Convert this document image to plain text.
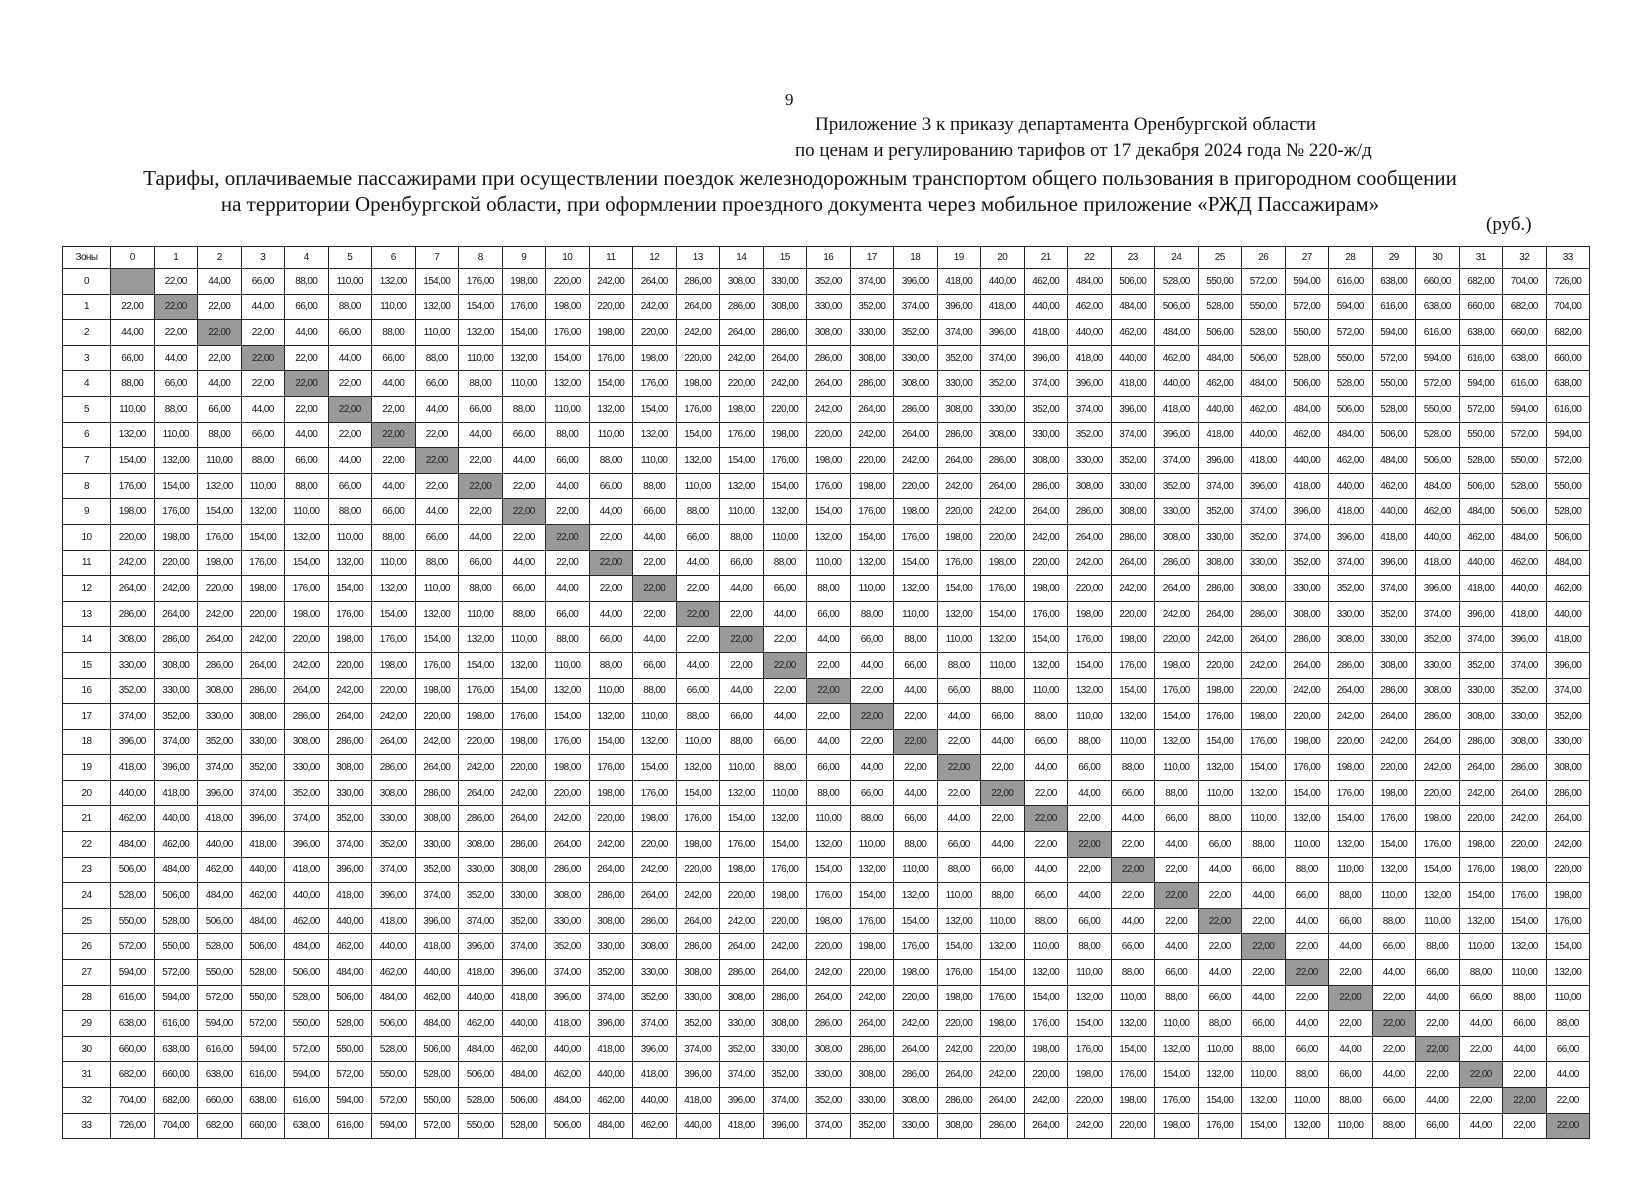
9
Приложение 3 к приказу департамента Оренбургской области
по ценам и регулированию тарифов от 17 декабря 2024 года № 220-ж/д
Тарифы, оплачиваемые пассажирами при осуществлении поездок железнодорожным транспортом общего пользования в пригородном сообщении
на территории Оренбургской области, при оформлении проездного документа через мобильное приложение «РЖД Пассажирам»
(руб.)
Зоны	0	1	2	3	4	5	6	7	8	9	10	11	12	13	14	15	16	17	18	19	20	21	22	23	24	25	26	27	28	29	30	31	32	33
0		22,00	44,00	66,00	88,00	110,00	132,00	154,00	176,00	198,00	220,00	242,00	264,00	286,00	308,00	330,00	352,00	374,00	396,00	418,00	440,00	462,00	484,00	506,00	528,00	550,00	572,00	594,00	616,00	638,00	660,00	682,00	704,00	726,00
1	22,00	22,00	22,00	44,00	66,00	88,00	110,00	132,00	154,00	176,00	198,00	220,00	242,00	264,00	286,00	308,00	330,00	352,00	374,00	396,00	418,00	440,00	462,00	484,00	506,00	528,00	550,00	572,00	594,00	616,00	638,00	660,00	682,00	704,00
2	44,00	22,00	22,00	22,00	44,00	66,00	88,00	110,00	132,00	154,00	176,00	198,00	220,00	242,00	264,00	286,00	308,00	330,00	352,00	374,00	396,00	418,00	440,00	462,00	484,00	506,00	528,00	550,00	572,00	594,00	616,00	638,00	660,00	682,00
3	66,00	44,00	22,00	22,00	22,00	44,00	66,00	88,00	110,00	132,00	154,00	176,00	198,00	220,00	242,00	264,00	286,00	308,00	330,00	352,00	374,00	396,00	418,00	440,00	462,00	484,00	506,00	528,00	550,00	572,00	594,00	616,00	638,00	660,00
4	88,00	66,00	44,00	22,00	22,00	22,00	44,00	66,00	88,00	110,00	132,00	154,00	176,00	198,00	220,00	242,00	264,00	286,00	308,00	330,00	352,00	374,00	396,00	418,00	440,00	462,00	484,00	506,00	528,00	550,00	572,00	594,00	616,00	638,00
5	110,00	88,00	66,00	44,00	22,00	22,00	22,00	44,00	66,00	88,00	110,00	132,00	154,00	176,00	198,00	220,00	242,00	264,00	286,00	308,00	330,00	352,00	374,00	396,00	418,00	440,00	462,00	484,00	506,00	528,00	550,00	572,00	594,00	616,00
6	132,00	110,00	88,00	66,00	44,00	22,00	22,00	22,00	44,00	66,00	88,00	110,00	132,00	154,00	176,00	198,00	220,00	242,00	264,00	286,00	308,00	330,00	352,00	374,00	396,00	418,00	440,00	462,00	484,00	506,00	528,00	550,00	572,00	594,00
7	154,00	132,00	110,00	88,00	66,00	44,00	22,00	22,00	22,00	44,00	66,00	88,00	110,00	132,00	154,00	176,00	198,00	220,00	242,00	264,00	286,00	308,00	330,00	352,00	374,00	396,00	418,00	440,00	462,00	484,00	506,00	528,00	550,00	572,00
8	176,00	154,00	132,00	110,00	88,00	66,00	44,00	22,00	22,00	22,00	44,00	66,00	88,00	110,00	132,00	154,00	176,00	198,00	220,00	242,00	264,00	286,00	308,00	330,00	352,00	374,00	396,00	418,00	440,00	462,00	484,00	506,00	528,00	550,00
9	198,00	176,00	154,00	132,00	110,00	88,00	66,00	44,00	22,00	22,00	22,00	44,00	66,00	88,00	110,00	132,00	154,00	176,00	198,00	220,00	242,00	264,00	286,00	308,00	330,00	352,00	374,00	396,00	418,00	440,00	462,00	484,00	506,00	528,00
10	220,00	198,00	176,00	154,00	132,00	110,00	88,00	66,00	44,00	22,00	22,00	22,00	44,00	66,00	88,00	110,00	132,00	154,00	176,00	198,00	220,00	242,00	264,00	286,00	308,00	330,00	352,00	374,00	396,00	418,00	440,00	462,00	484,00	506,00
11	242,00	220,00	198,00	176,00	154,00	132,00	110,00	88,00	66,00	44,00	22,00	22,00	22,00	44,00	66,00	88,00	110,00	132,00	154,00	176,00	198,00	220,00	242,00	264,00	286,00	308,00	330,00	352,00	374,00	396,00	418,00	440,00	462,00	484,00
12	264,00	242,00	220,00	198,00	176,00	154,00	132,00	110,00	88,00	66,00	44,00	22,00	22,00	22,00	44,00	66,00	88,00	110,00	132,00	154,00	176,00	198,00	220,00	242,00	264,00	286,00	308,00	330,00	352,00	374,00	396,00	418,00	440,00	462,00
13	286,00	264,00	242,00	220,00	198,00	176,00	154,00	132,00	110,00	88,00	66,00	44,00	22,00	22,00	22,00	44,00	66,00	88,00	110,00	132,00	154,00	176,00	198,00	220,00	242,00	264,00	286,00	308,00	330,00	352,00	374,00	396,00	418,00	440,00
14	308,00	286,00	264,00	242,00	220,00	198,00	176,00	154,00	132,00	110,00	88,00	66,00	44,00	22,00	22,00	22,00	44,00	66,00	88,00	110,00	132,00	154,00	176,00	198,00	220,00	242,00	264,00	286,00	308,00	330,00	352,00	374,00	396,00	418,00
15	330,00	308,00	286,00	264,00	242,00	220,00	198,00	176,00	154,00	132,00	110,00	88,00	66,00	44,00	22,00	22,00	22,00	44,00	66,00	88,00	110,00	132,00	154,00	176,00	198,00	220,00	242,00	264,00	286,00	308,00	330,00	352,00	374,00	396,00
16	352,00	330,00	308,00	286,00	264,00	242,00	220,00	198,00	176,00	154,00	132,00	110,00	88,00	66,00	44,00	22,00	22,00	22,00	44,00	66,00	88,00	110,00	132,00	154,00	176,00	198,00	220,00	242,00	264,00	286,00	308,00	330,00	352,00	374,00
17	374,00	352,00	330,00	308,00	286,00	264,00	242,00	220,00	198,00	176,00	154,00	132,00	110,00	88,00	66,00	44,00	22,00	22,00	22,00	44,00	66,00	88,00	110,00	132,00	154,00	176,00	198,00	220,00	242,00	264,00	286,00	308,00	330,00	352,00
18	396,00	374,00	352,00	330,00	308,00	286,00	264,00	242,00	220,00	198,00	176,00	154,00	132,00	110,00	88,00	66,00	44,00	22,00	22,00	22,00	44,00	66,00	88,00	110,00	132,00	154,00	176,00	198,00	220,00	242,00	264,00	286,00	308,00	330,00
19	418,00	396,00	374,00	352,00	330,00	308,00	286,00	264,00	242,00	220,00	198,00	176,00	154,00	132,00	110,00	88,00	66,00	44,00	22,00	22,00	22,00	44,00	66,00	88,00	110,00	132,00	154,00	176,00	198,00	220,00	242,00	264,00	286,00	308,00
20	440,00	418,00	396,00	374,00	352,00	330,00	308,00	286,00	264,00	242,00	220,00	198,00	176,00	154,00	132,00	110,00	88,00	66,00	44,00	22,00	22,00	22,00	44,00	66,00	88,00	110,00	132,00	154,00	176,00	198,00	220,00	242,00	264,00	286,00
21	462,00	440,00	418,00	396,00	374,00	352,00	330,00	308,00	286,00	264,00	242,00	220,00	198,00	176,00	154,00	132,00	110,00	88,00	66,00	44,00	22,00	22,00	22,00	44,00	66,00	88,00	110,00	132,00	154,00	176,00	198,00	220,00	242,00	264,00
22	484,00	462,00	440,00	418,00	396,00	374,00	352,00	330,00	308,00	286,00	264,00	242,00	220,00	198,00	176,00	154,00	132,00	110,00	88,00	66,00	44,00	22,00	22,00	22,00	44,00	66,00	88,00	110,00	132,00	154,00	176,00	198,00	220,00	242,00
23	506,00	484,00	462,00	440,00	418,00	396,00	374,00	352,00	330,00	308,00	286,00	264,00	242,00	220,00	198,00	176,00	154,00	132,00	110,00	88,00	66,00	44,00	22,00	22,00	22,00	44,00	66,00	88,00	110,00	132,00	154,00	176,00	198,00	220,00
24	528,00	506,00	484,00	462,00	440,00	418,00	396,00	374,00	352,00	330,00	308,00	286,00	264,00	242,00	220,00	198,00	176,00	154,00	132,00	110,00	88,00	66,00	44,00	22,00	22,00	22,00	44,00	66,00	88,00	110,00	132,00	154,00	176,00	198,00
25	550,00	528,00	506,00	484,00	462,00	440,00	418,00	396,00	374,00	352,00	330,00	308,00	286,00	264,00	242,00	220,00	198,00	176,00	154,00	132,00	110,00	88,00	66,00	44,00	22,00	22,00	22,00	44,00	66,00	88,00	110,00	132,00	154,00	176,00
26	572,00	550,00	528,00	506,00	484,00	462,00	440,00	418,00	396,00	374,00	352,00	330,00	308,00	286,00	264,00	242,00	220,00	198,00	176,00	154,00	132,00	110,00	88,00	66,00	44,00	22,00	22,00	22,00	44,00	66,00	88,00	110,00	132,00	154,00
27	594,00	572,00	550,00	528,00	506,00	484,00	462,00	440,00	418,00	396,00	374,00	352,00	330,00	308,00	286,00	264,00	242,00	220,00	198,00	176,00	154,00	132,00	110,00	88,00	66,00	44,00	22,00	22,00	22,00	44,00	66,00	88,00	110,00	132,00
28	616,00	594,00	572,00	550,00	528,00	506,00	484,00	462,00	440,00	418,00	396,00	374,00	352,00	330,00	308,00	286,00	264,00	242,00	220,00	198,00	176,00	154,00	132,00	110,00	88,00	66,00	44,00	22,00	22,00	22,00	44,00	66,00	88,00	110,00
29	638,00	616,00	594,00	572,00	550,00	528,00	506,00	484,00	462,00	440,00	418,00	396,00	374,00	352,00	330,00	308,00	286,00	264,00	242,00	220,00	198,00	176,00	154,00	132,00	110,00	88,00	66,00	44,00	22,00	22,00	22,00	44,00	66,00	88,00
30	660,00	638,00	616,00	594,00	572,00	550,00	528,00	506,00	484,00	462,00	440,00	418,00	396,00	374,00	352,00	330,00	308,00	286,00	264,00	242,00	220,00	198,00	176,00	154,00	132,00	110,00	88,00	66,00	44,00	22,00	22,00	22,00	44,00	66,00
31	682,00	660,00	638,00	616,00	594,00	572,00	550,00	528,00	506,00	484,00	462,00	440,00	418,00	396,00	374,00	352,00	330,00	308,00	286,00	264,00	242,00	220,00	198,00	176,00	154,00	132,00	110,00	88,00	66,00	44,00	22,00	22,00	22,00	44,00
32	704,00	682,00	660,00	638,00	616,00	594,00	572,00	550,00	528,00	506,00	484,00	462,00	440,00	418,00	396,00	374,00	352,00	330,00	308,00	286,00	264,00	242,00	220,00	198,00	176,00	154,00	132,00	110,00	88,00	66,00	44,00	22,00	22,00	22,00
33	726,00	704,00	682,00	660,00	638,00	616,00	594,00	572,00	550,00	528,00	506,00	484,00	462,00	440,00	418,00	396,00	374,00	352,00	330,00	308,00	286,00	264,00	242,00	220,00	198,00	176,00	154,00	132,00	110,00	88,00	66,00	44,00	22,00	22,00
